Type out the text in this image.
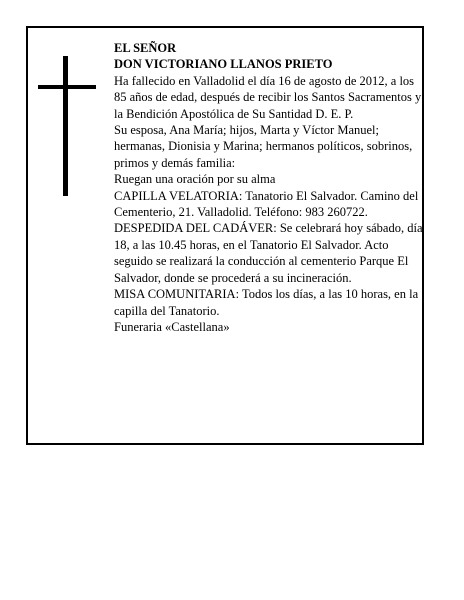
EL SEÑOR

DON VICTORIANO LLANOS PRIETO

Ha fallecido en Valladolid el día 16 de agosto de 2012, a los 85 años de edad, después de recibir los Santos Sacramentos y la Bendición Apostólica de Su Santidad D. E. P.

Su esposa, Ana María; hijos, Marta y Víctor Manuel; hermanas, Dionisia y Marina; hermanos políticos, sobrinos, primos y demás familia:

Ruegan una oración por su alma

CAPILLA VELATORIA: Tanatorio El Salvador. Camino del Cementerio, 21. Valladolid. Teléfono: 983 260722.

DESPEDIDA DEL CADÁVER: Se celebrará hoy sábado, día 18, a las 10.45 horas, en el Tanatorio El Salvador. Acto seguido se realizará la conducción al cementerio Parque El Salvador, donde se procederá a su incineración.

MISA COMUNITARIA: Todos los días, a las 10 horas, en la capilla del Tanatorio.

Funeraria «Castellana»
